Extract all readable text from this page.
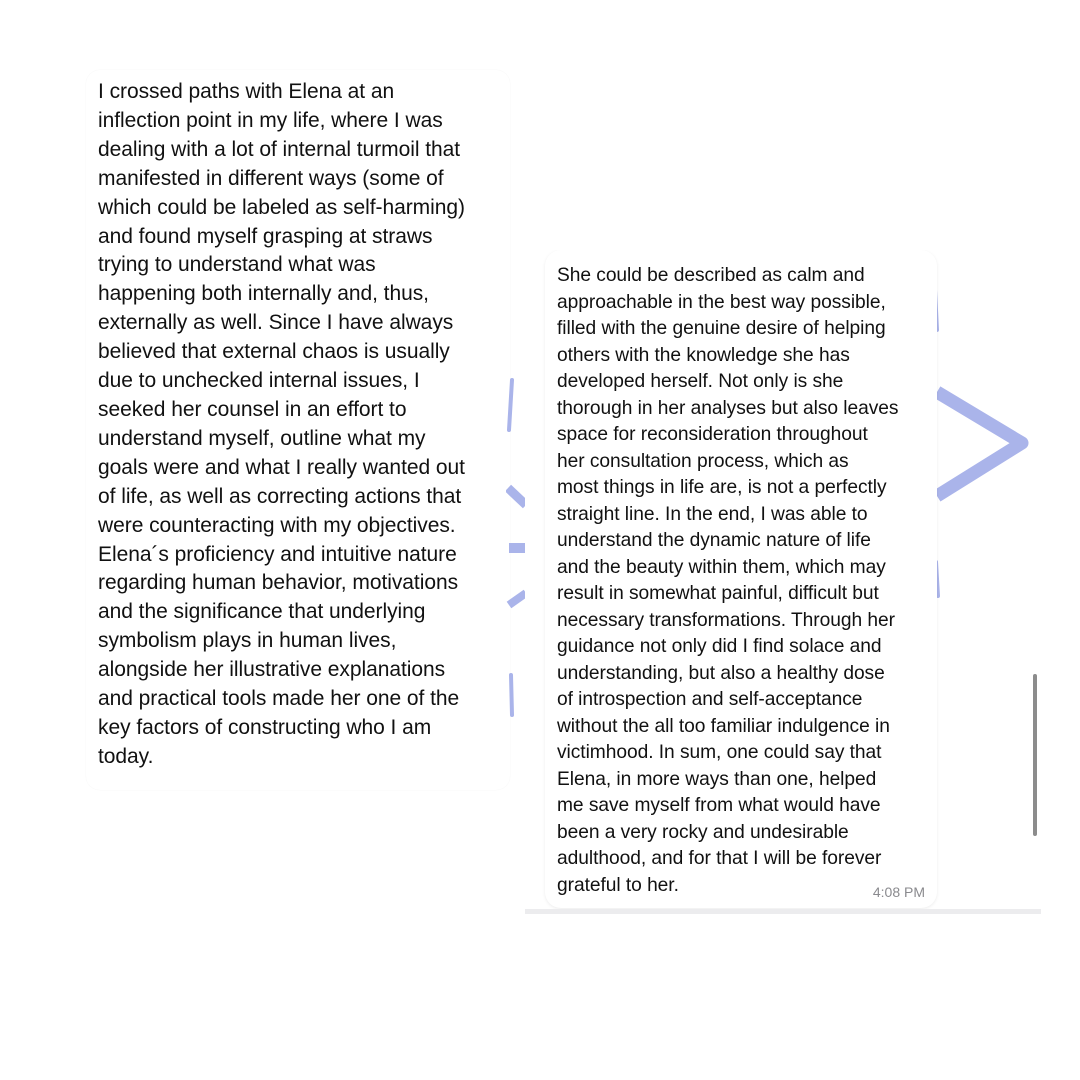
I crossed paths with Elena at an
inflection point in my life, where I was
dealing with a lot of internal turmoil that
manifested in different ways (some of
which could be labeled as self-harming)
and found myself grasping at straws
trying to understand what was
happening both internally and, thus,
externally as well. Since I have always
believed that external chaos is usually
due to unchecked internal issues, I
seeked her counsel in an effort to
understand myself, outline what my
goals were and what I really wanted out
of life, as well as correcting actions that
were counteracting with my objectives.
Elena´s proficiency and intuitive nature
regarding human behavior, motivations
and the significance that underlying
symbolism plays in human lives,
alongside her illustrative explanations
and practical tools made her one of the
key factors of constructing who I am
today.

She could be described as calm and
approachable in the best way possible,
filled with the genuine desire of helping
others with the knowledge she has
developed herself. Not only is she
thorough in her analyses but also leaves
space for reconsideration throughout
her consultation process, which as
most things in life are, is not a perfectly
straight line. In the end, I was able to
understand the dynamic nature of life
and the beauty within them, which may
result in somewhat painful, difficult but
necessary transformations. Through her
guidance not only did I find solace and
understanding, but also a healthy dose
of introspection and self-acceptance
without the all too familiar indulgence in
victimhood. In sum, one could say that
Elena, in more ways than one, helped
me save myself from what would have
been a very rocky and undesirable
adulthood, and for that I will be forever
grateful to her.	4:08 PM
